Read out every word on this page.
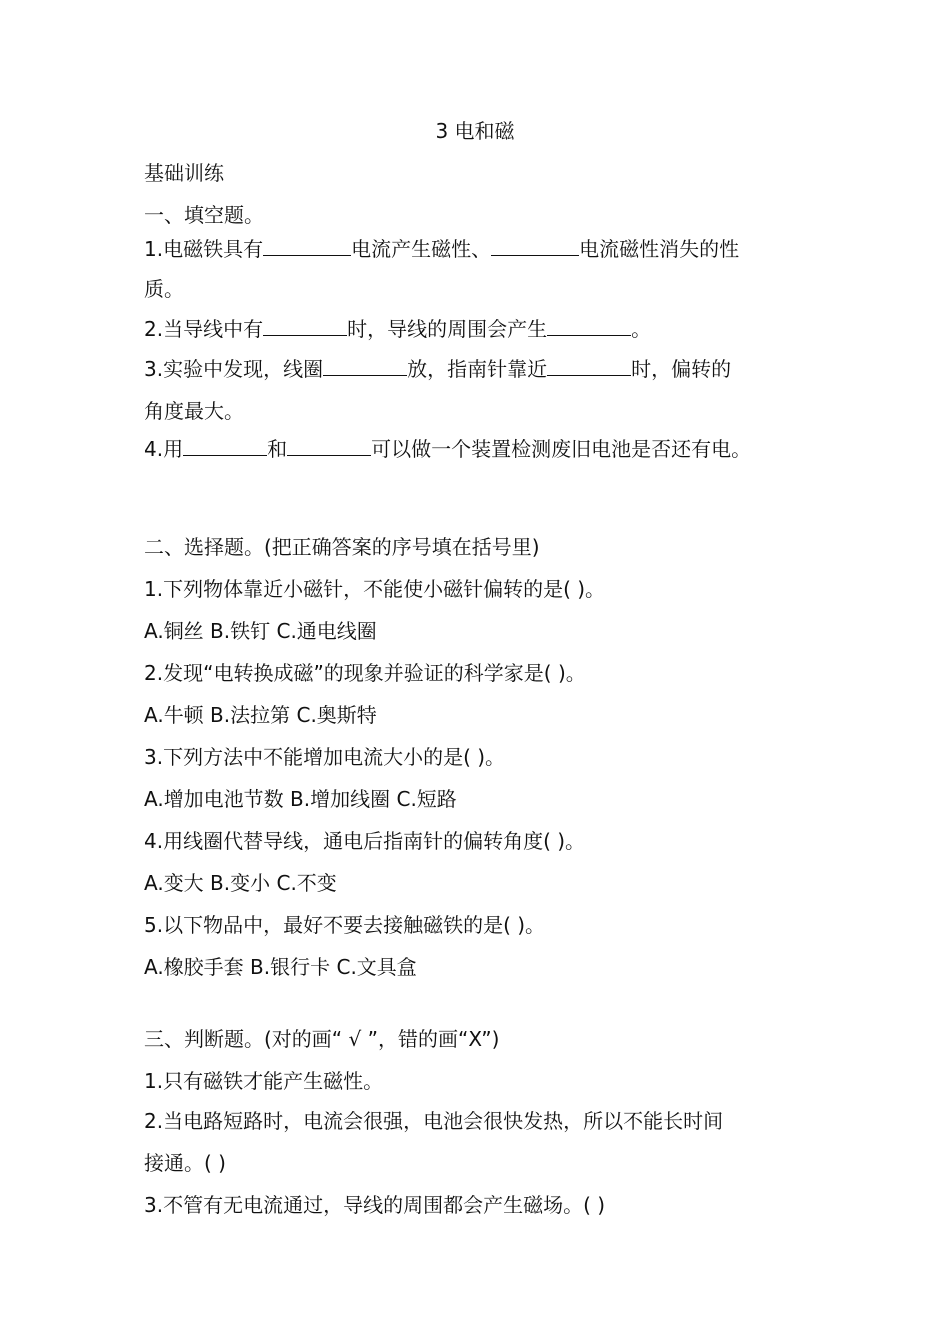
3 电和磁
基础训练
一、填空题。
1.电磁铁具有	电流产生磁性、	电流磁性消失的性
质。
2.当导线中有	时，导线的周围会产生	。
3.实验中发现，线圈	放，指南针靠近	时，偏转的
角度最大。
4.用	和	可以做一个装置检测废旧电池是否还有电。
二、选择题。(把正确答案的序号填在括号里)
1.下列物体靠近小磁针，不能使小磁针偏转的是( )。
A.铜丝 B.铁钉 C.通电线圈
2.发现“电转换成磁”的现象并验证的科学家是( )。
A.牛顿 B.法拉第 C.奥斯特
3.下列方法中不能增加电流大小的是( )。
A.增加电池节数 B.增加线圈 C.短路
4.用线圈代替导线，通电后指南针的偏转角度( )。
A.变大 B.变小 C.不变
5.以下物品中，最好不要去接触磁铁的是( )。
A.橡胶手套 B.银行卡 C.文具盒
三、判断题。(对的画“ √ ”，错的画“X”)
1.只有磁铁才能产生磁性。
2.当电路短路时，电流会很强，电池会很快发热，所以不能长时间
接通。( )
3.不管有无电流通过，导线的周围都会产生磁场。( )
